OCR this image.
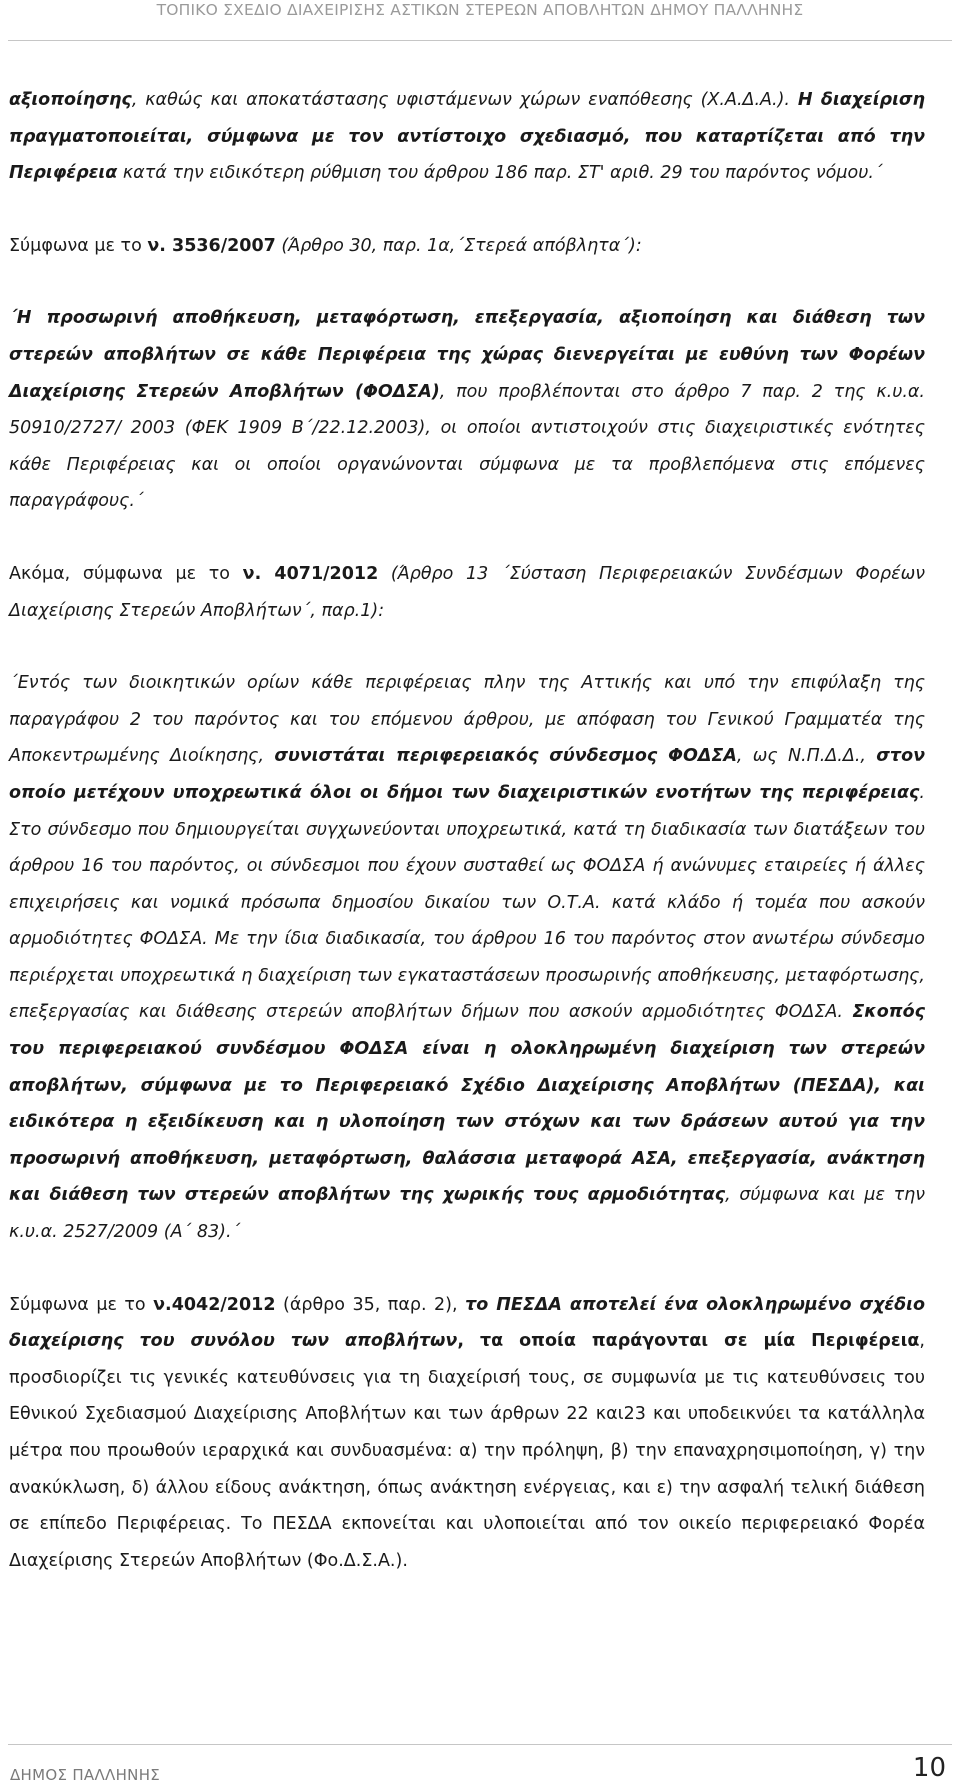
ΤΟΠΙΚΟ ΣΧΕΔΙΟ ΔΙΑΧΕΙΡΙΣΗΣ ΑΣΤΙΚΩΝ ΣΤΕΡΕΩΝ ΑΠΟΒΛΗΤΩΝ ΔΗΜΟΥ ΠΑΛΛΗΝΗΣ

αξιοποίησης, καθώς και αποκατάστασης υφιστάμενων χώρων εναπόθεσης (Χ.Α.Δ.Α.). Η διαχείριση πραγματοποιείται, σύμφωνα με τον αντίστοιχο σχεδιασμό, που καταρτίζεται από την Περιφέρεια κατά την ειδικότερη ρύθμιση του άρθρου 186 παρ. ΣΤ' αριθ. 29 του παρόντος νόμου.΄

Σύμφωνα με το ν. 3536/2007 (Άρθρο 30, παρ. 1α,΄Στερεά απόβλητα΄):

΄Η προσωρινή αποθήκευση, μεταφόρτωση, επεξεργασία, αξιοποίηση και διάθεση των στερεών αποβλήτων σε κάθε Περιφέρεια της χώρας διενεργείται με ευθύνη των Φορέων Διαχείρισης Στερεών Αποβλήτων (ΦΟΔΣΑ), που προβλέπονται στο άρθρο 7 παρ. 2 της κ.υ.α. 50910/2727/ 2003 (ΦΕΚ 1909 Β΄/22.12.2003), οι οποίοι αντιστοιχούν στις διαχειριστικές ενότητες κάθε Περιφέρειας και οι οποίοι οργανώνονται σύμφωνα με τα προβλεπόμενα στις επόμενες παραγράφους.΄

Ακόμα, σύμφωνα με το ν. 4071/2012 (Άρθρο 13 ΄Σύσταση Περιφερειακών Συνδέσμων Φορέων Διαχείρισης Στερεών Αποβλήτων΄, παρ.1):

΄Εντός των διοικητικών ορίων κάθε περιφέρειας πλην της Αττικής και υπό την επιφύλαξη της παραγράφου 2 του παρόντος και του επόμενου άρθρου, με απόφαση του Γενικού Γραμματέα της Αποκεντρωμένης Διοίκησης, συνιστάται περιφερειακός σύνδεσμος ΦΟΔΣΑ, ως Ν.Π.Δ.Δ., στον οποίο μετέχουν υποχρεωτικά όλοι οι δήμοι των διαχειριστικών ενοτήτων της περιφέρειας. Στο σύνδεσμο που δημιουργείται συγχωνεύονται υποχρεωτικά, κατά τη διαδικασία των διατάξεων του άρθρου 16 του παρόντος, οι σύνδεσμοι που έχουν συσταθεί ως ΦΟΔΣΑ ή ανώνυμες εταιρείες ή άλλες επιχειρήσεις και νομικά πρόσωπα δημοσίου δικαίου των Ο.Τ.Α. κατά κλάδο ή τομέα που ασκούν αρμοδιότητες ΦΟΔΣΑ. Με την ίδια διαδικασία, του άρθρου 16 του παρόντος στον ανωτέρω σύνδεσμο περιέρχεται υποχρεωτικά η διαχείριση των εγκαταστάσεων προσωρινής αποθήκευσης, μεταφόρτωσης, επεξεργασίας και διάθεσης στερεών αποβλήτων δήμων που ασκούν αρμοδιότητες ΦΟΔΣΑ. Σκοπός του περιφερειακού συνδέσμου ΦΟΔΣΑ είναι η ολοκληρωμένη διαχείριση των στερεών αποβλήτων, σύμφωνα με το Περιφερειακό Σχέδιο Διαχείρισης Αποβλήτων (ΠΕΣΔΑ), και ειδικότερα η εξειδίκευση και η υλοποίηση των στόχων και των δράσεων αυτού για την προσωρινή αποθήκευση, μεταφόρτωση, θαλάσσια μεταφορά ΑΣΑ, επεξεργασία, ανάκτηση και διάθεση των στερεών αποβλήτων της χωρικής τους αρμοδιότητας, σύμφωνα και με την κ.υ.α. 2527/2009 (Α΄ 83).΄

Σύμφωνα με το ν.4042/2012 (άρθρο 35, παρ. 2), το ΠΕΣΔΑ αποτελεί ένα ολοκληρωμένο σχέδιο διαχείρισης του συνόλου των αποβλήτων, τα οποία παράγονται σε μία Περιφέρεια, προσδιορίζει τις γενικές κατευθύνσεις για τη διαχείρισή τους, σε συμφωνία με τις κατευθύνσεις του Εθνικού Σχεδιασμού Διαχείρισης Αποβλήτων και των άρθρων 22 και23 και υποδεικνύει τα κατάλληλα μέτρα που προωθούν ιεραρχικά και συνδυασμένα: α) την πρόληψη, β) την επαναχρησιμοποίηση, γ) την ανακύκλωση, δ) άλλου είδους ανάκτηση, όπως ανάκτηση ενέργειας, και ε) την ασφαλή τελική διάθεση σε επίπεδο Περιφέρειας. Το ΠΕΣΔΑ εκπονείται και υλοποιείται από τον οικείο περιφερειακό Φορέα Διαχείρισης Στερεών Αποβλήτων (Φο.Δ.Σ.Α.).

ΔΗΜΟΣ ΠΑΛΛΗΝΗΣ	10
